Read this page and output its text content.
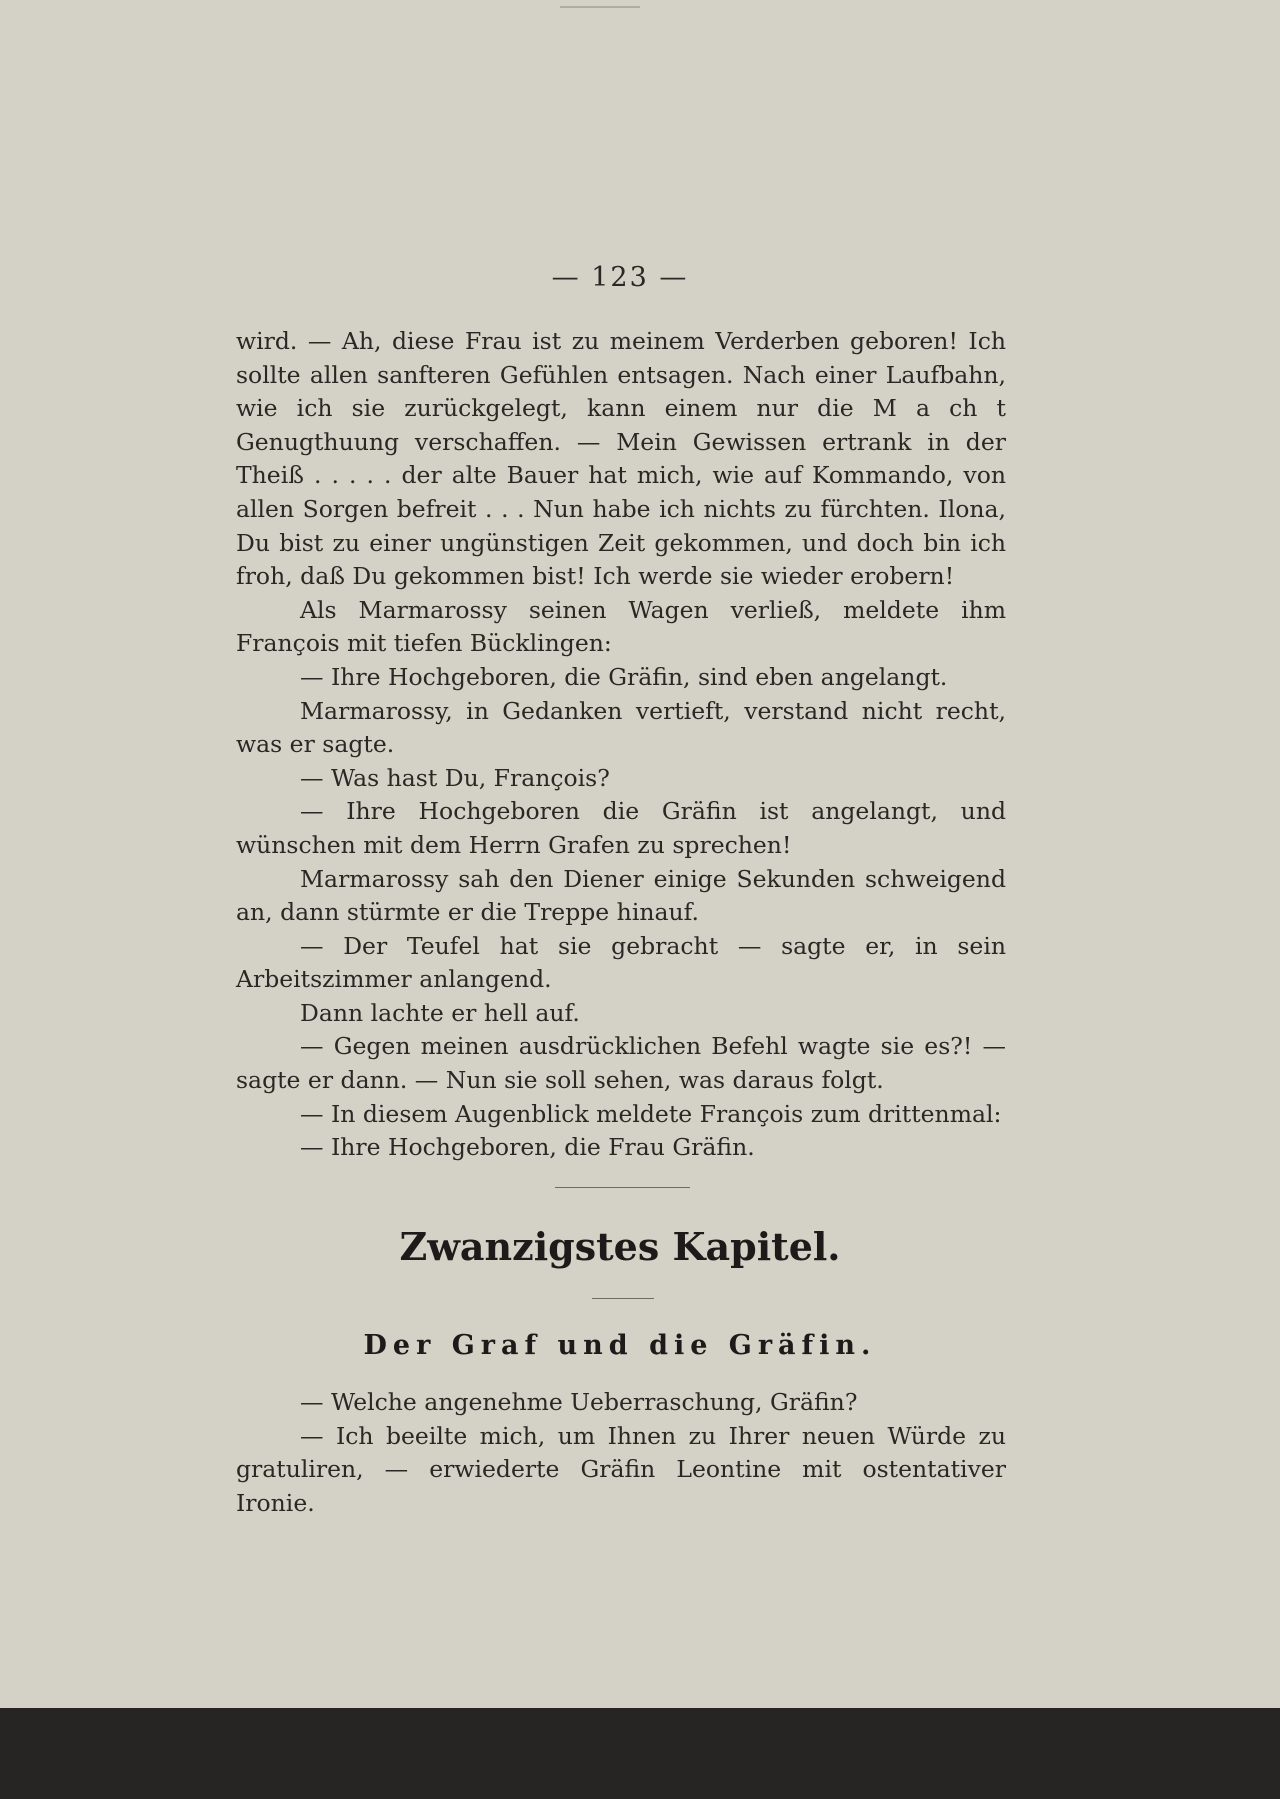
— 123 —

wird. — Ah, diese Frau ist zu meinem Verderben geboren! Ich sollte allen sanfteren Gefühlen entsagen. Nach einer Laufbahn, wie ich sie zurückgelegt, kann einem nur die M a ch t Genugthuung verschaffen. — Mein Gewissen ertrank in der Theiß . . . . . der alte Bauer hat mich, wie auf Kommando, von allen Sorgen befreit . . . Nun habe ich nichts zu fürchten. Ilona, Du bist zu einer ungünstigen Zeit gekommen, und doch bin ich froh, daß Du gekommen bist! Ich werde sie wieder erobern!

Als Marmarossy seinen Wagen verließ, meldete ihm François mit tiefen Bücklingen:

— Ihre Hochgeboren, die Gräfin, sind eben angelangt.

Marmarossy, in Gedanken vertieft, verstand nicht recht, was er sagte.

— Was hast Du, François?

— Ihre Hochgeboren die Gräfin ist angelangt, und wünschen mit dem Herrn Grafen zu sprechen!

Marmarossy sah den Diener einige Sekunden schweigend an, dann stürmte er die Treppe hinauf.

— Der Teufel hat sie gebracht — sagte er, in sein Arbeitszimmer anlangend.

Dann lachte er hell auf.

— Gegen meinen ausdrücklichen Befehl wagte sie es?! — sagte er dann. — Nun sie soll sehen, was daraus folgt.

— In diesem Augenblick meldete François zum drittenmal:

— Ihre Hochgeboren, die Frau Gräfin.

Zwanzigstes Kapitel.
Der Graf und die Gräfin.

— Welche angenehme Ueberraschung, Gräfin?

— Ich beeilte mich, um Ihnen zu Ihrer neuen Würde zu gratuliren, — erwiederte Gräfin Leontine mit ostentativer Ironie.
